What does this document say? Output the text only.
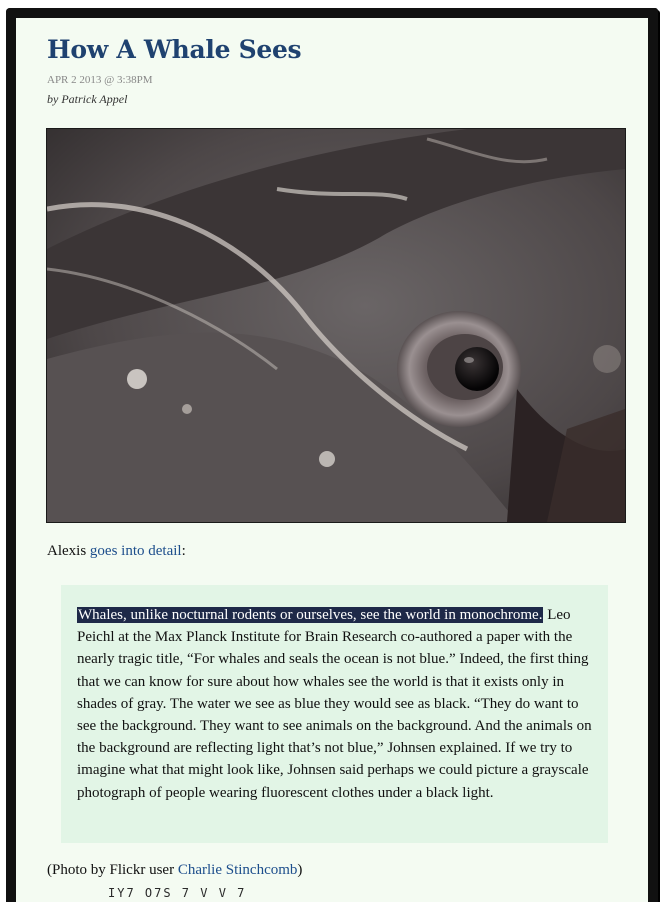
How A Whale Sees
APR 2 2013 @ 3:38PM
by Patrick Appel
Alexis goes into detail:
Whales, unlike nocturnal rodents or ourselves, see the world in monochrome. Leo Peichl at the Max Planck Institute for Brain Research co-authored a paper with the nearly tragic title, “For whales and seals the ocean is not blue.” Indeed, the first thing that we can know for sure about how whales see the world is that it exists only in shades of gray. The water we see as blue they would see as black. “They do want to see the background. They want to see animals on the background. And the animals on the background are reflecting light that’s not blue,” Johnsen explained. If we try to imagine what that might look like, Johnsen said perhaps we could picture a grayscale photograph of people wearing fluorescent clothes under a black light.
(Photo by Flickr user Charlie Stinchcomb)
IY7 O7S 7 V V 7
